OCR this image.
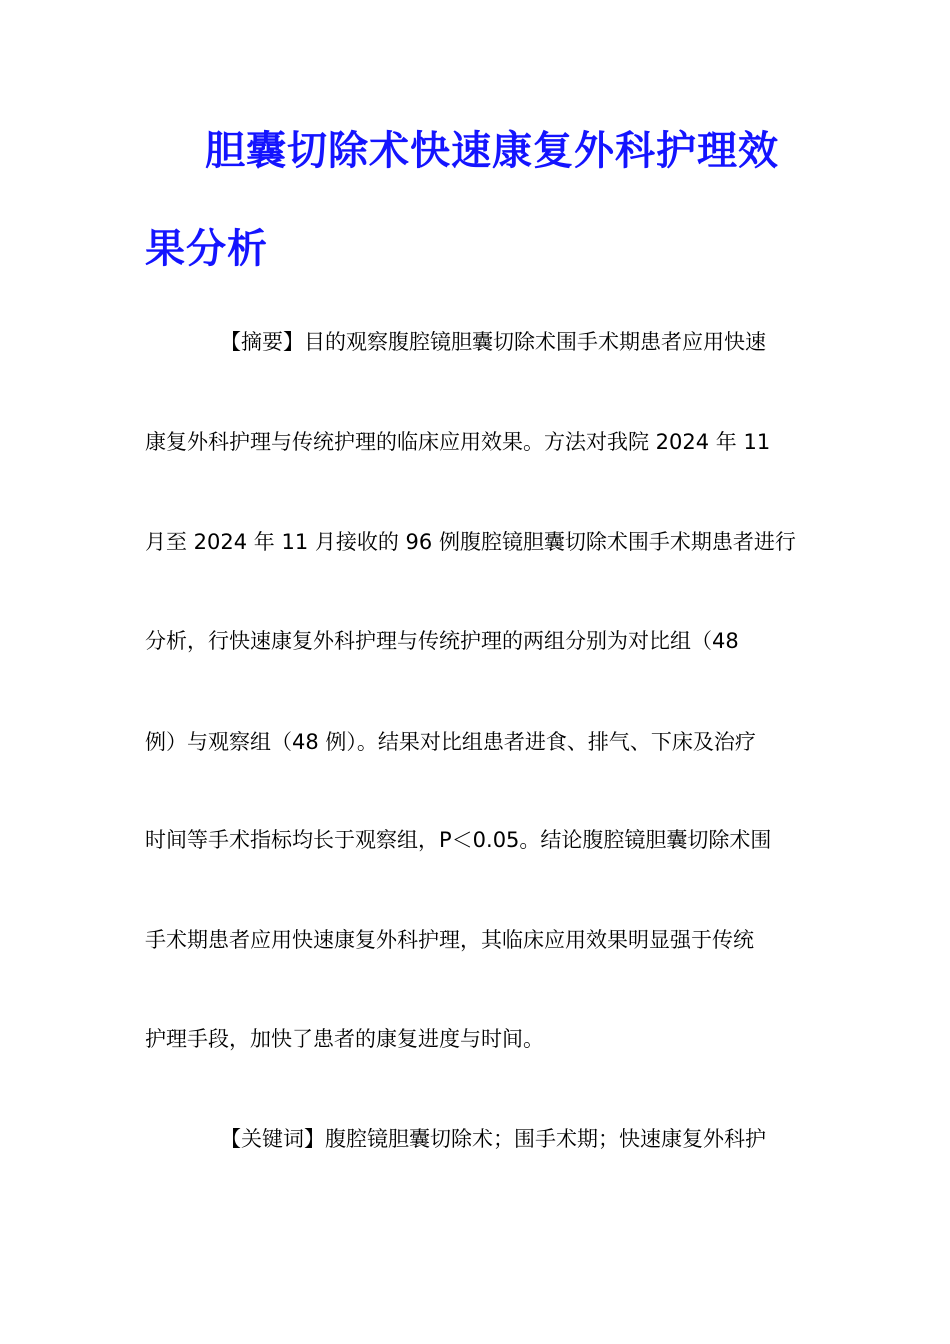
胆囊切除术快速康复外科护理效
果分析
【摘要】目的观察腹腔镜胆囊切除术围手术期患者应用快速
康复外科护理与传统护理的临床应用效果。方法对我院 2024 年 11
月至 2024 年 11 月接收的 96 例腹腔镜胆囊切除术围手术期患者进行
分析，行快速康复外科护理与传统护理的两组分别为对比组（48
例）与观察组（48 例）。结果对比组患者进食、排气、下床及治疗
时间等手术指标均长于观察组，P＜0.05。结论腹腔镜胆囊切除术围
手术期患者应用快速康复外科护理，其临床应用效果明显强于传统
护理手段，加快了患者的康复进度与时间。
【关键词】腹腔镜胆囊切除术；围手术期；快速康复外科护
